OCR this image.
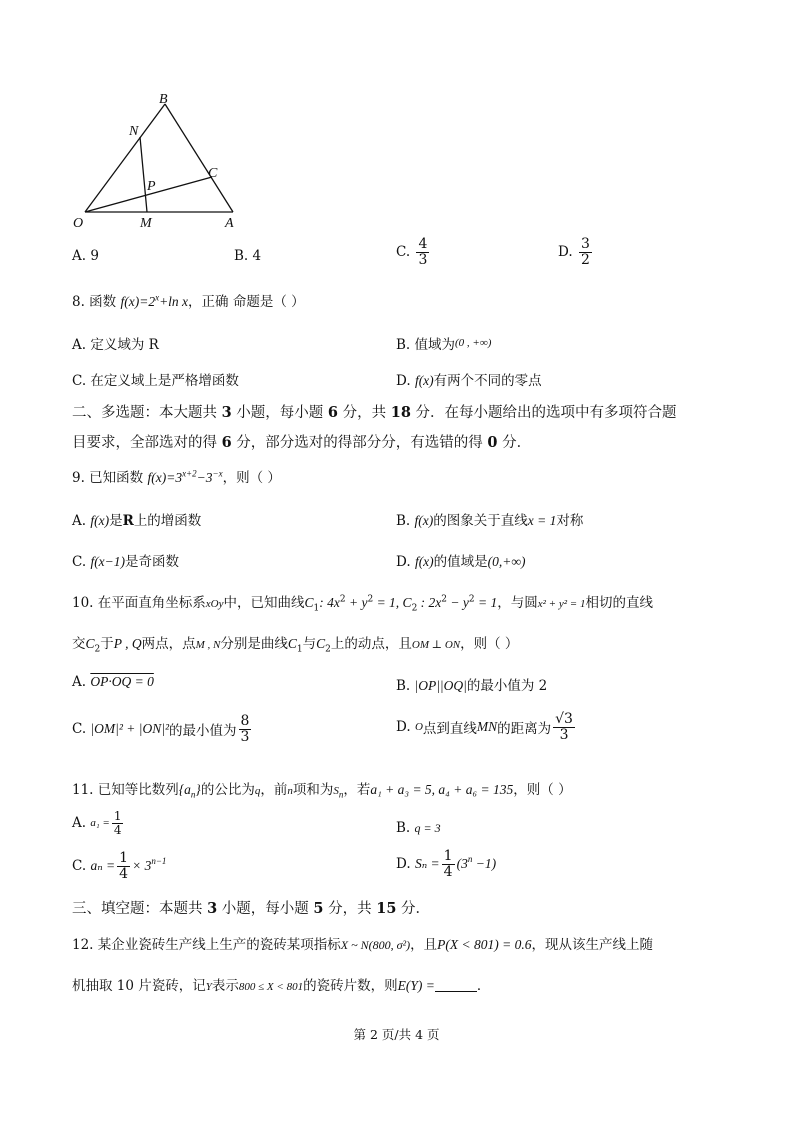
B
N
C
P
O	M	A
A. 9	B. 4	C. $\frac{4}{3}$	D. $\frac{3}{2}$
8. 函数 $f(x)=2^x+\ln$ x，正确 命题是（ ）
A. 定义域为 R	B. 值域为$^{(0 , +\infty)}$
C. 在定义域上是严格增函数	D. f(x)有两个不同的零点
二、多选题：本大题共 3 小题，每小题 6 分，共 18 分．在每小题给出的选项中有多项符合题
目要求，全部选对的得 6 分，部分选对的得部分分，有选错的得 0 分．
9. 已知函数 $f(x)=3^{x+2}-3^{-x}$，则（ ）
A. f(x)是R上的增函数	B. f(x)的图象关于直线x = 1对称
C. f(x−1)是奇函数	D. f(x)的值域是(0,+∞)
10. 在平面直角坐标系xOy中，已知曲线$C_1$: $4x^2 + y^2 = 1$, $C_2$ : $2x^2 - y^2 = 1$，与圆x² + y² = 1相切的直线
交$C_2$于P , Q两点，点M , N分别是曲线$C_1$与$C_2$上的动点，且OM ⊥ ON，则（ ）
A. OP·OQ = 0	B. |OP||OQ|的最小值为 2
C. |OM|² + |ON|²的最小值为 $\frac{8}{3}$	D. O点到直线MN的距离为 $\frac{√3}{3}$
11. 已知等比数列$\{a_n\}$的公比为q，前n项和为$S_n$，若a₁ + a₃ = 5, a₄ + a₆ = 135，则（ ）
A. $a_1 = \frac{1}{4}$	B. q = 3
C. $a_n = \frac{1}{4} \times 3^{n-1}$	D. $S_n = \frac{1}{4} (3^n -1)$
三、填空题：本题共 3 小题，每小题 5 分，共 15 分．
12. 某企业瓷砖生产线上生产的瓷砖某项指标X ~ N(800, σ²)，且P(X < 801) = 0.6，现从该生产线上随
机抽取 10 片瓷砖，记Y表示800 ≤ X < 801的瓷砖片数，则E(Y) =	．
第 2 页/共 4 页
